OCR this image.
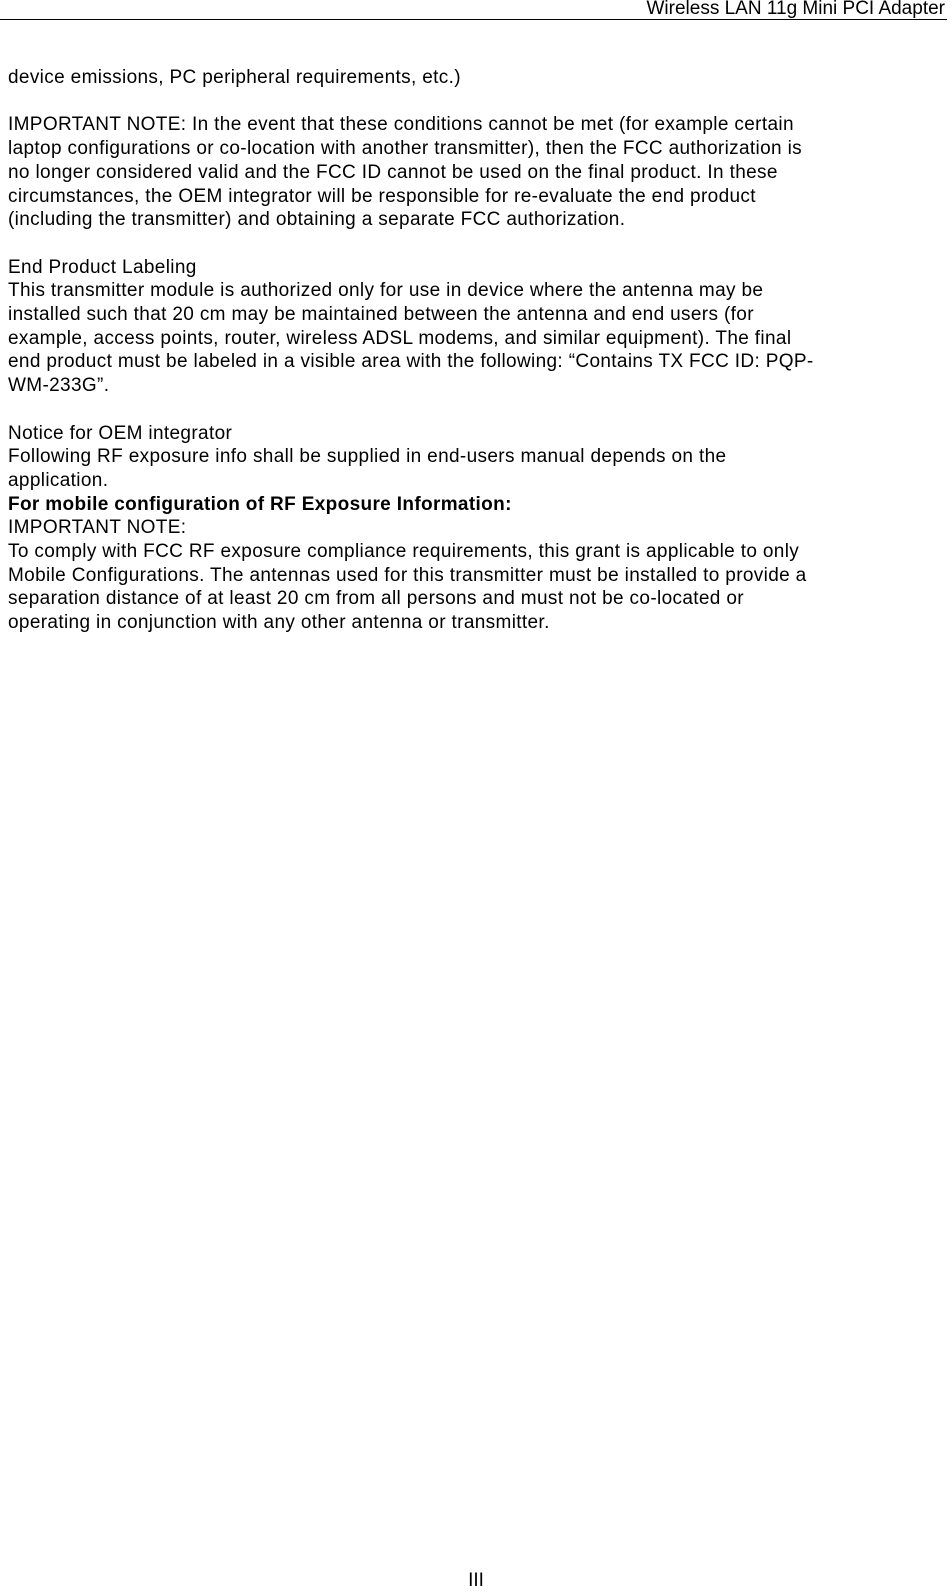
Wireless LAN 11g Mini PCI Adapter

device emissions, PC peripheral requirements, etc.)

IMPORTANT NOTE: In the event that these conditions cannot be met (for example certain
laptop configurations or co-location with another transmitter), then the FCC authorization is
no longer considered valid and the FCC ID cannot be used on the final product. In these
circumstances, the OEM integrator will be responsible for re-evaluate the end product
(including the transmitter) and obtaining a separate FCC authorization.

End Product Labeling

This transmitter module is authorized only for use in device where the antenna may be
installed such that 20 cm may be maintained between the antenna and end users (for
example, access points, router, wireless ADSL modems, and similar equipment). The final
end product must be labeled in a visible area with the following: “Contains TX FCC ID: PQP-
WM-233G”.

Notice for OEM integrator

Following RF exposure info shall be supplied in end-users manual depends on the
application.

For mobile configuration of RF Exposure Information:

IMPORTANT NOTE:

To comply with FCC RF exposure compliance requirements, this grant is applicable to only
Mobile Configurations. The antennas used for this transmitter must be installed to provide a
separation distance of at least 20 cm from all persons and must not be co-located or
operating in conjunction with any other antenna or transmitter.

III
